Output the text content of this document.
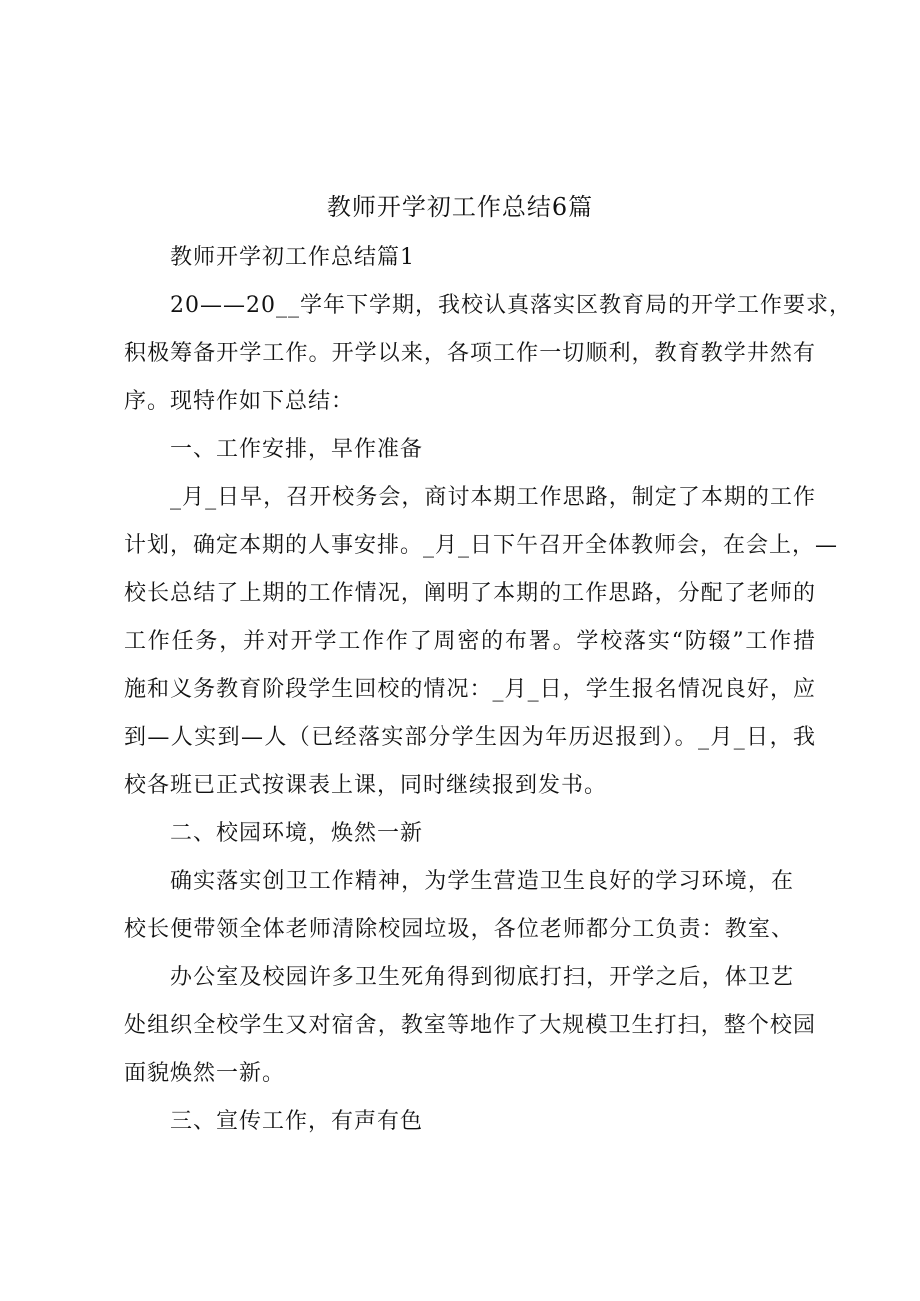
教师开学初工作总结6篇
教师开学初工作总结篇1
20——20__学年下学期，我校认真落实区教育局的开学工作要求，
积极筹备开学工作。开学以来，各项工作一切顺利，教育教学井然有
序。现特作如下总结：
一、工作安排，早作准备
_月_日早，召开校务会，商讨本期工作思路，制定了本期的工作
计划，确定本期的人事安排。_月_日下午召开全体教师会，在会上，—
校长总结了上期的工作情况，阐明了本期的工作思路，分配了老师的
工作任务，并对开学工作作了周密的布署。学校落实“防辍”工作措
施和义务教育阶段学生回校的情况：_月_日，学生报名情况良好，应
到—人实到—人（已经落实部分学生因为年历迟报到）。_月_日，我
校各班已正式按课表上课，同时继续报到发书。
二、校园环境，焕然一新
确实落实创卫工作精神，为学生营造卫生良好的学习环境，在
校长便带领全体老师清除校园垃圾，各位老师都分工负责：教室、
办公室及校园许多卫生死角得到彻底打扫，开学之后，体卫艺
处组织全校学生又对宿舍，教室等地作了大规模卫生打扫，整个校园
面貌焕然一新。
三、宣传工作，有声有色
